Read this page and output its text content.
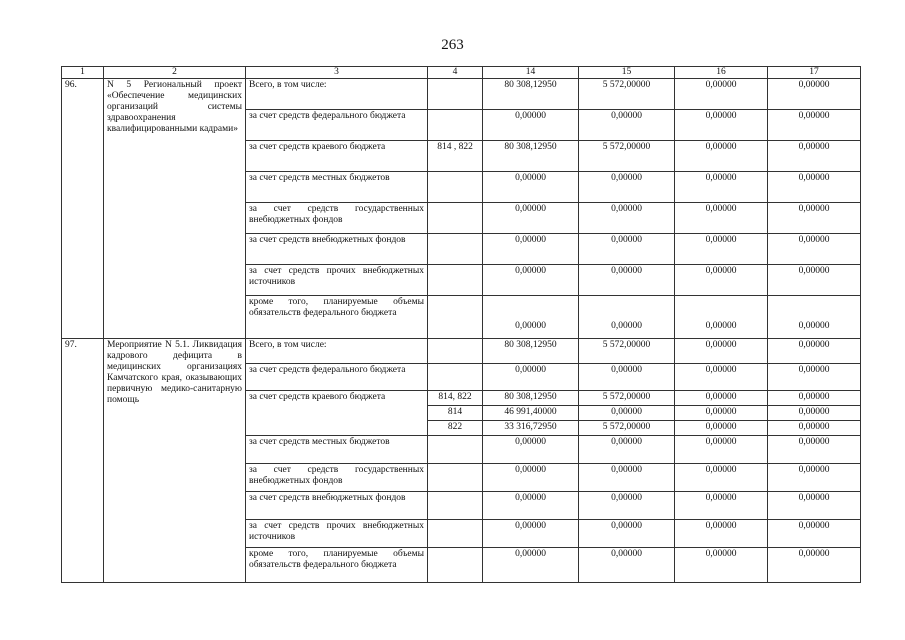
263
1	2	3	4	14	15	16	17
96.	N 5 Региональный проект «Обеспечение медицинских организаций системы здравоохранения квалифицированными кадрами»	Всего, в том числе:		80 308,12950	5 572,00000	0,00000	0,00000
		за счет средств федерального бюджета		0,00000	0,00000	0,00000	0,00000
		за счет средств краевого бюджета	814 , 822	80 308,12950	5 572,00000	0,00000	0,00000
		за счет средств местных бюджетов		0,00000	0,00000	0,00000	0,00000
		за счет средств государственных внебюджетных фондов		0,00000	0,00000	0,00000	0,00000
		за счет средств внебюджетных фондов		0,00000	0,00000	0,00000	0,00000
		за счет средств прочих внебюджетных источников		0,00000	0,00000	0,00000	0,00000
		кроме того, планируемые объемы обязательств федерального бюджета		0,00000	0,00000	0,00000	0,00000
97.	Мероприятие N 5.1. Ликвидация кадрового дефицита в медицинских организациях Камчатского края, оказывающих первичную медико-санитарную помощь	Всего, в том числе:		80 308,12950	5 572,00000	0,00000	0,00000
		за счет средств федерального бюджета		0,00000	0,00000	0,00000	0,00000
		за счет средств краевого бюджета	814, 822	80 308,12950	5 572,00000	0,00000	0,00000
			814	46 991,40000	0,00000	0,00000	0,00000
			822	33 316,72950	5 572,00000	0,00000	0,00000
		за счет средств местных бюджетов		0,00000	0,00000	0,00000	0,00000
		за счет средств государственных внебюджетных фондов		0,00000	0,00000	0,00000	0,00000
		за счет средств внебюджетных фондов		0,00000	0,00000	0,00000	0,00000
		за счет средств прочих внебюджетных источников		0,00000	0,00000	0,00000	0,00000
		кроме того, планируемые объемы обязательств федерального бюджета		0,00000	0,00000	0,00000	0,00000
